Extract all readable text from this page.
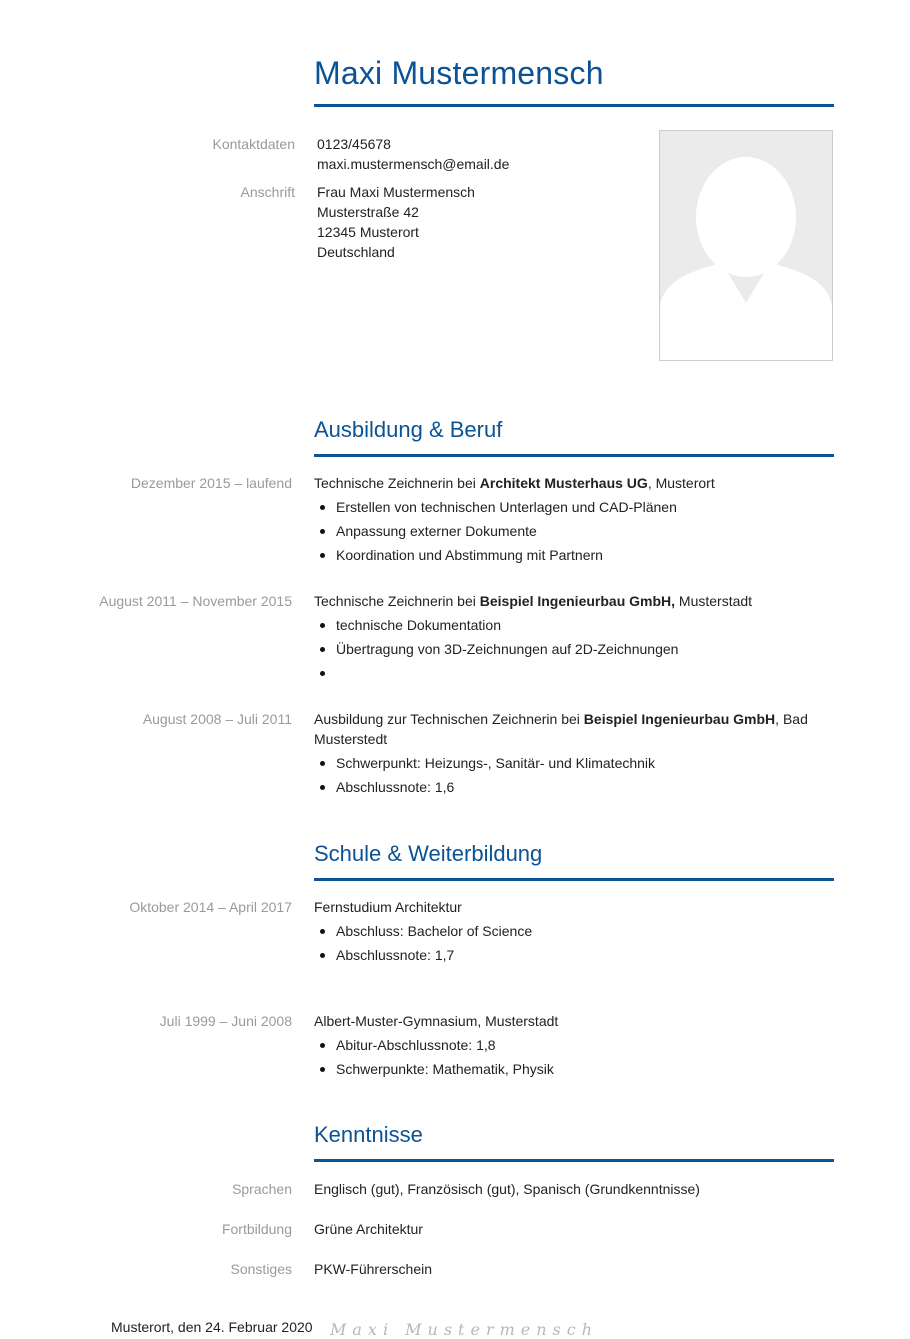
Maxi Mustermensch
Kontaktdaten 0123/45678
maxi.mustermensch@email.de
Anschrift Frau Maxi Mustermensch
Musterstraße 42
12345 Musterort
Deutschland
Ausbildung & Beruf
Dezember 2015 – laufend Technische Zeichnerin bei Architekt Musterhaus UG, Musterort
Erstellen von technischen Unterlagen und CAD-Plänen
Anpassung externer Dokumente
Koordination und Abstimmung mit Partnern
August 2011 – November 2015 Technische Zeichnerin bei Beispiel Ingenieurbau GmbH, Musterstadt
technische Dokumentation
Übertragung von 3D-Zeichnungen auf 2D-Zeichnungen
August 2008 – Juli 2011 Ausbildung zur Technischen Zeichnerin bei Beispiel Ingenieurbau GmbH, Bad Musterstedt
Schwerpunkt: Heizungs-, Sanitär- und Klimatechnik
Abschlussnote: 1,6
Schule & Weiterbildung
Oktober 2014 – April 2017 Fernstudium Architektur
Abschluss: Bachelor of Science
Abschlussnote: 1,7
Juli 1999 – Juni 2008 Albert-Muster-Gymnasium, Musterstadt
Abitur-Abschlussnote: 1,8
Schwerpunkte: Mathematik, Physik
Kenntnisse
Sprachen Englisch (gut), Französisch (gut), Spanisch (Grundkenntnisse)
Fortbildung Grüne Architektur
Sonstiges PKW-Führerschein
Musterort, den 24. Februar 2020 Maxi Mustermensch
